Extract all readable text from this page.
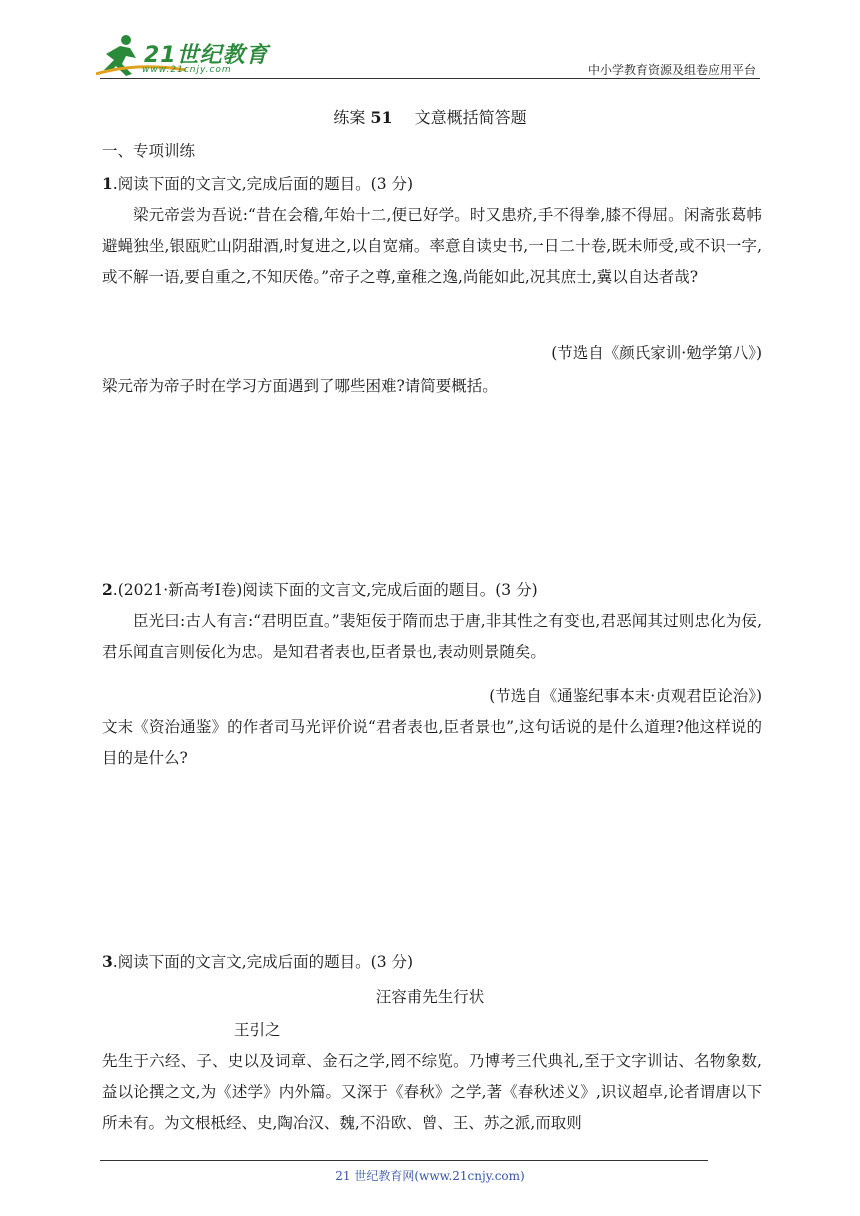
21世纪教育
www.21cnjy.com	中小学教育资源及组卷应用平台
练案 51 文意概括简答题
一、专项训练
1.阅读下面的文言文,完成后面的题目。(3 分)
梁元帝尝为吾说:“昔在会稽,年始十二,便已好学。时又患疥,手不得拳,膝不得屈。闲斋张葛帏避蝇独坐,银瓯贮山阴甜酒,时复进之,以自宽痛。率意自读史书,一日二十卷,既未师受,或不识一字,或不解一语,要自重之,不知厌倦。”帝子之尊,童稚之逸,尚能如此,况其庶士,冀以自达者哉?
(节选自《颜氏家训·勉学第八》)
梁元帝为帝子时在学习方面遇到了哪些困难?请简要概括。
2.(2021·新高考Ⅰ卷)阅读下面的文言文,完成后面的题目。(3 分)
臣光曰:古人有言:“君明臣直。”裴矩佞于隋而忠于唐,非其性之有变也,君恶闻其过则忠化为佞,君乐闻直言则佞化为忠。是知君者表也,臣者景也,表动则景随矣。
(节选自《通鉴纪事本末·贞观君臣论治》)
文末《资治通鉴》的作者司马光评价说“君者表也,臣者景也”,这句话说的是什么道理?他这样说的目的是什么?
3.阅读下面的文言文,完成后面的题目。(3 分)
汪容甫先生行状
王引之
先生于六经、子、史以及词章、金石之学,罔不综览。乃博考三代典礼,至于文字训诂、名物象数,益以论撰之文,为《述学》内外篇。又深于《春秋》之学,著《春秋述义》,识议超卓,论者谓唐以下所未有。为文根柢经、史,陶冶汉、魏,不沿欧、曾、王、苏之派,而取则
21 世纪教育网(www.21cnjy.com)
